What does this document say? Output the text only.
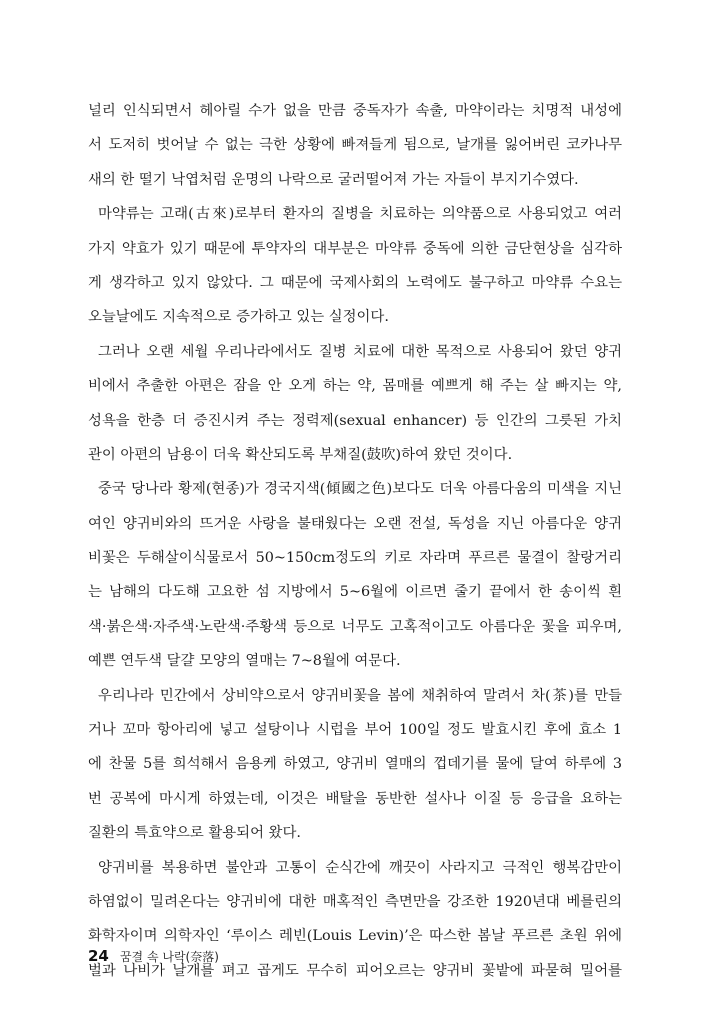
널리 인식되면서 헤아릴 수가 없을 만큼 중독자가 속출, 마약이라는 치명적 내성에
서 도저히 벗어날 수 없는 극한 상황에 빠져들게 됨으로, 날개를 잃어버린 코카나무
새의 한 떨기 낙엽처럼 운명의 나락으로 굴러떨어져 가는 자들이 부지기수였다.
마약류는 고래(古來)로부터 환자의 질병을 치료하는 의약품으로 사용되었고 여러
가지 약효가 있기 때문에 투약자의 대부분은 마약류 중독에 의한 금단현상을 심각하
게 생각하고 있지 않았다. 그 때문에 국제사회의 노력에도 불구하고 마약류 수요는
오늘날에도 지속적으로 증가하고 있는 실정이다.
그러나 오랜 세월 우리나라에서도 질병 치료에 대한 목적으로 사용되어 왔던 양귀
비에서 추출한 아편은 잠을 안 오게 하는 약, 몸매를 예쁘게 해 주는 살 빠지는 약,
성욕을 한층 더 증진시켜 주는 정력제(sexual enhancer) 등 인간의 그릇된 가치
관이 아편의 남용이 더욱 확산되도록 부채질(鼓吹)하여 왔던 것이다.
중국 당나라 황제(현종)가 경국지색(傾國之色)보다도 더욱 아름다움의 미색을 지닌
여인 양귀비와의 뜨거운 사랑을 불태웠다는 오랜 전설, 독성을 지닌 아름다운 양귀
비꽃은 두해살이식물로서 50~150cm정도의 키로 자라며 푸르른 물결이 찰랑거리
는 남해의 다도해 고요한 섬 지방에서 5~6월에 이르면 줄기 끝에서 한 송이씩 흰
색·붉은색·자주색·노란색·주황색 등으로 너무도 고혹적이고도 아름다운 꽃을 피우며,
예쁜 연두색 달걀 모양의 열매는 7~8월에 여문다.
우리나라 민간에서 상비약으로서 양귀비꽃을 봄에 채취하여 말려서 차(茶)를 만들
거나 꼬마 항아리에 넣고 설탕이나 시럽을 부어 100일 정도 발효시킨 후에 효소 1
에 찬물 5를 희석해서 음용케 하였고, 양귀비 열매의 껍데기를 물에 달여 하루에 3
번 공복에 마시게 하였는데, 이것은 배탈을 동반한 설사나 이질 등 응급을 요하는
질환의 특효약으로 활용되어 왔다.
양귀비를 복용하면 불안과 고통이 순식간에 깨끗이 사라지고 극적인 행복감만이
하염없이 밀려온다는 양귀비에 대한 매혹적인 측면만을 강조한 1920년대 베를린의
화학자이며 의학자인 ‘루이스 레빈(Louis Levin)’은 따스한 봄날 푸르른 초원 위에
벌과 나비가 날개를 펴고 곱게도 무수히 피어오르는 양귀비 꽃밭에 파묻혀 밀어를
24 꿈결 속 나락(奈落)
